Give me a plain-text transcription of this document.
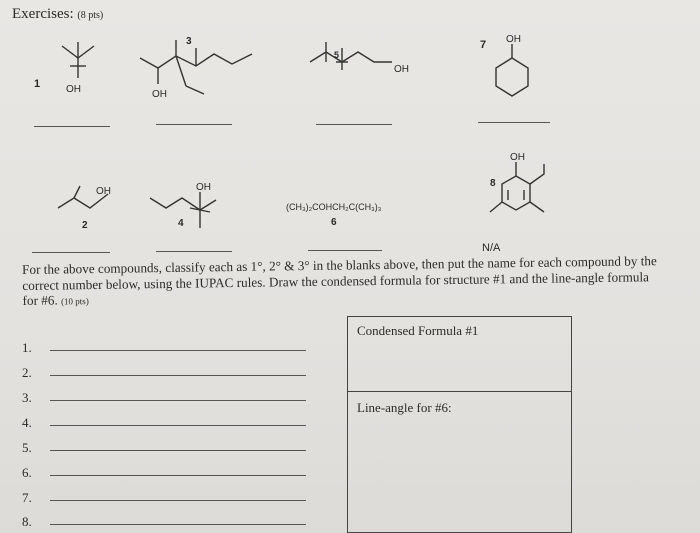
Exercises: (8 pts)
1	OH
3
OH
5
OH
7 OH
2
OH
4
OH
(CH₃)₂COHCH₂C(CH₃)₃
6
8
OH
N/A
For the above compounds, classify each as 1°, 2° & 3° in the blanks above, then put the name for each compound by the correct number below, using the IUPAC rules. Draw the condensed formula for structure #1 and the line-angle formula for #6. (10 pts)
1.
2.
3.
4.
5.
6.
7.
8.
Condensed Formula #1
Line-angle for #6:
